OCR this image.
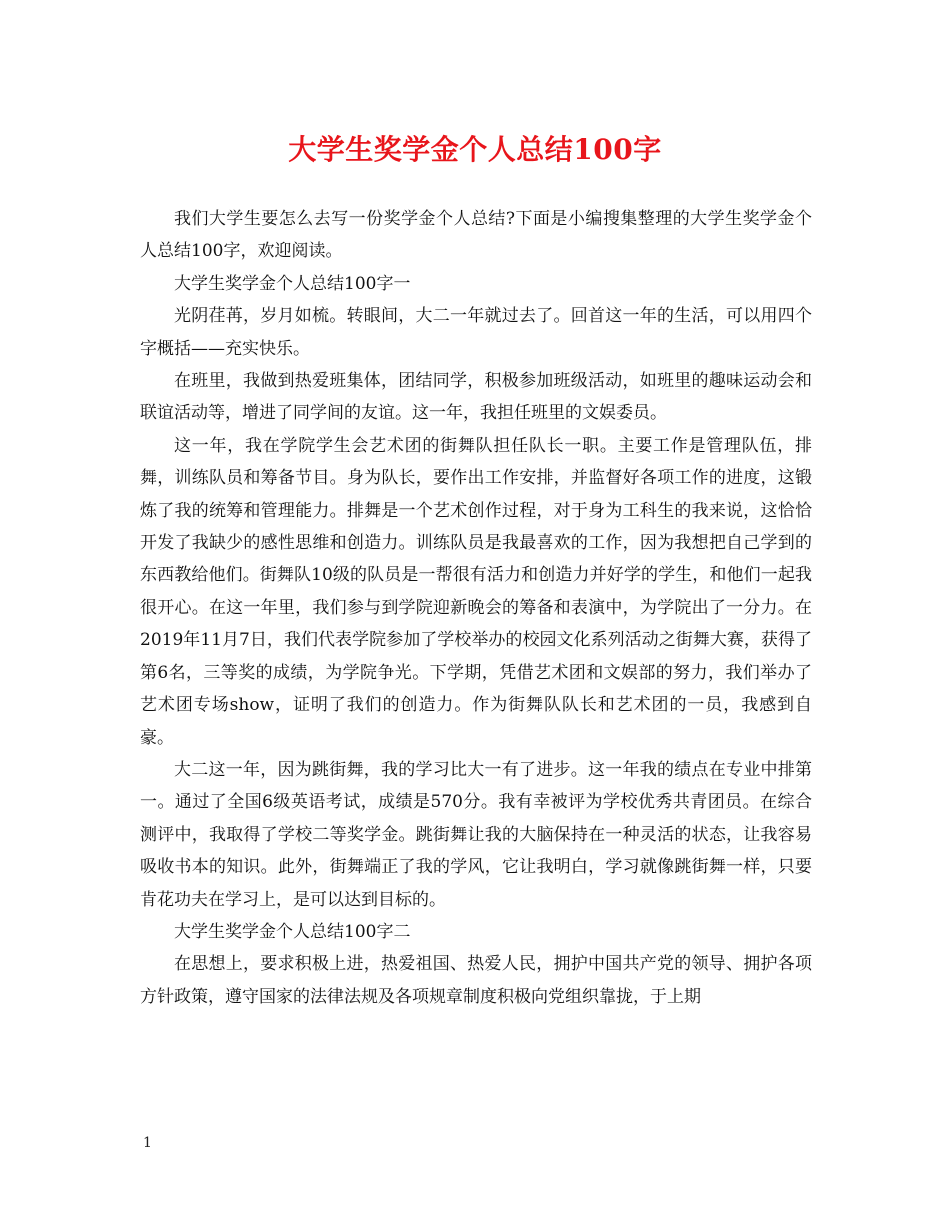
大学生奖学金个人总结100字

我们大学生要怎么去写一份奖学金个人总结?下面是小编搜集整理的大学生奖学金个人总结100字，欢迎阅读。

大学生奖学金个人总结100字一

光阴荏苒，岁月如梳。转眼间，大二一年就过去了。回首这一年的生活，可以用四个字概括——充实快乐。

在班里，我做到热爱班集体，团结同学，积极参加班级活动，如班里的趣味运动会和联谊活动等，增进了同学间的友谊。这一年，我担任班里的文娱委员。

这一年，我在学院学生会艺术团的街舞队担任队长一职。主要工作是管理队伍，排舞，训练队员和筹备节目。身为队长，要作出工作安排，并监督好各项工作的进度，这锻炼了我的统筹和管理能力。排舞是一个艺术创作过程，对于身为工科生的我来说，这恰恰开发了我缺少的感性思维和创造力。训练队员是我最喜欢的工作，因为我想把自己学到的东西教给他们。街舞队10级的队员是一帮很有活力和创造力并好学的学生，和他们一起我很开心。在这一年里，我们参与到学院迎新晚会的筹备和表演中，为学院出了一分力。在2019年11月7日，我们代表学院参加了学校举办的校园文化系列活动之街舞大赛，获得了第6名，三等奖的成绩，为学院争光。下学期，凭借艺术团和文娱部的努力，我们举办了艺术团专场show，证明了我们的创造力。作为街舞队队长和艺术团的一员，我感到自豪。

大二这一年，因为跳街舞，我的学习比大一有了进步。这一年我的绩点在专业中排第一。通过了全国6级英语考试，成绩是570分。我有幸被评为学校优秀共青团员。在综合测评中，我取得了学校二等奖学金。跳街舞让我的大脑保持在一种灵活的状态，让我容易吸收书本的知识。此外，街舞端正了我的学风，它让我明白，学习就像跳街舞一样，只要肯花功夫在学习上，是可以达到目标的。

大学生奖学金个人总结100字二

在思想上，要求积极上进，热爱祖国、热爱人民，拥护中国共产党的领导、拥护各项方针政策，遵守国家的法律法规及各项规章制度积极向党组织靠拢，于上期

1
